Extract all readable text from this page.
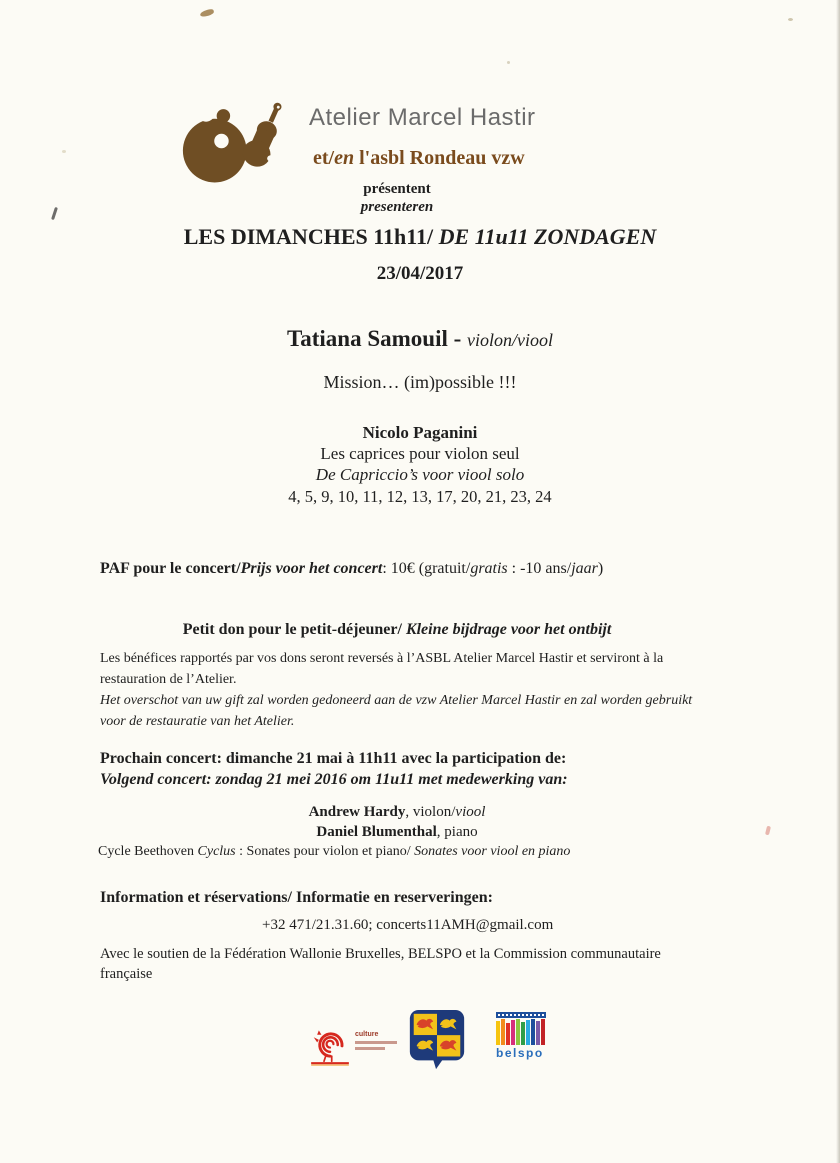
Atelier Marcel Hastir
et/en l'asbl Rondeau vzw
présentent
presenteren
LES DIMANCHES 11h11/ DE 11u11 ZONDAGEN
23/04/2017
Tatiana Samouil - violon/viool
Mission… (im)possible !!!
Nicolo Paganini
Les caprices pour violon seul
De Capriccio’s voor viool solo
4, 5, 9, 10, 11, 12, 13, 17, 20, 21, 23, 24
PAF pour le concert/Prijs voor het concert: 10€ (gratuit/gratis : -10 ans/jaar)
Petit don pour le petit-déjeuner/ Kleine bijdrage voor het ontbijt
Les bénéfices rapportés par vos dons seront reversés à l’ASBL Atelier Marcel Hastir et serviront à la
restauration de l’Atelier.
Het overschot van uw gift zal worden gedoneerd aan de vzw Atelier Marcel Hastir en zal worden gebruikt
voor de restauratie van het Atelier.
Prochain concert: dimanche 21 mai à 11h11 avec la participation de:
Volgend concert: zondag 21 mei 2016 om 11u11 met medewerking van:
Andrew Hardy, violon/viool
Daniel Blumenthal, piano
Cycle Beethoven Cyclus : Sonates pour violon et piano/ Sonates voor viool en piano
Information et réservations/ Informatie en reserveringen:
+32 471/21.31.60; concerts11AMH@gmail.com
Avec le soutien de la Fédération Wallonie Bruxelles, BELSPO et la Commission communautaire
française
culture
belspo
